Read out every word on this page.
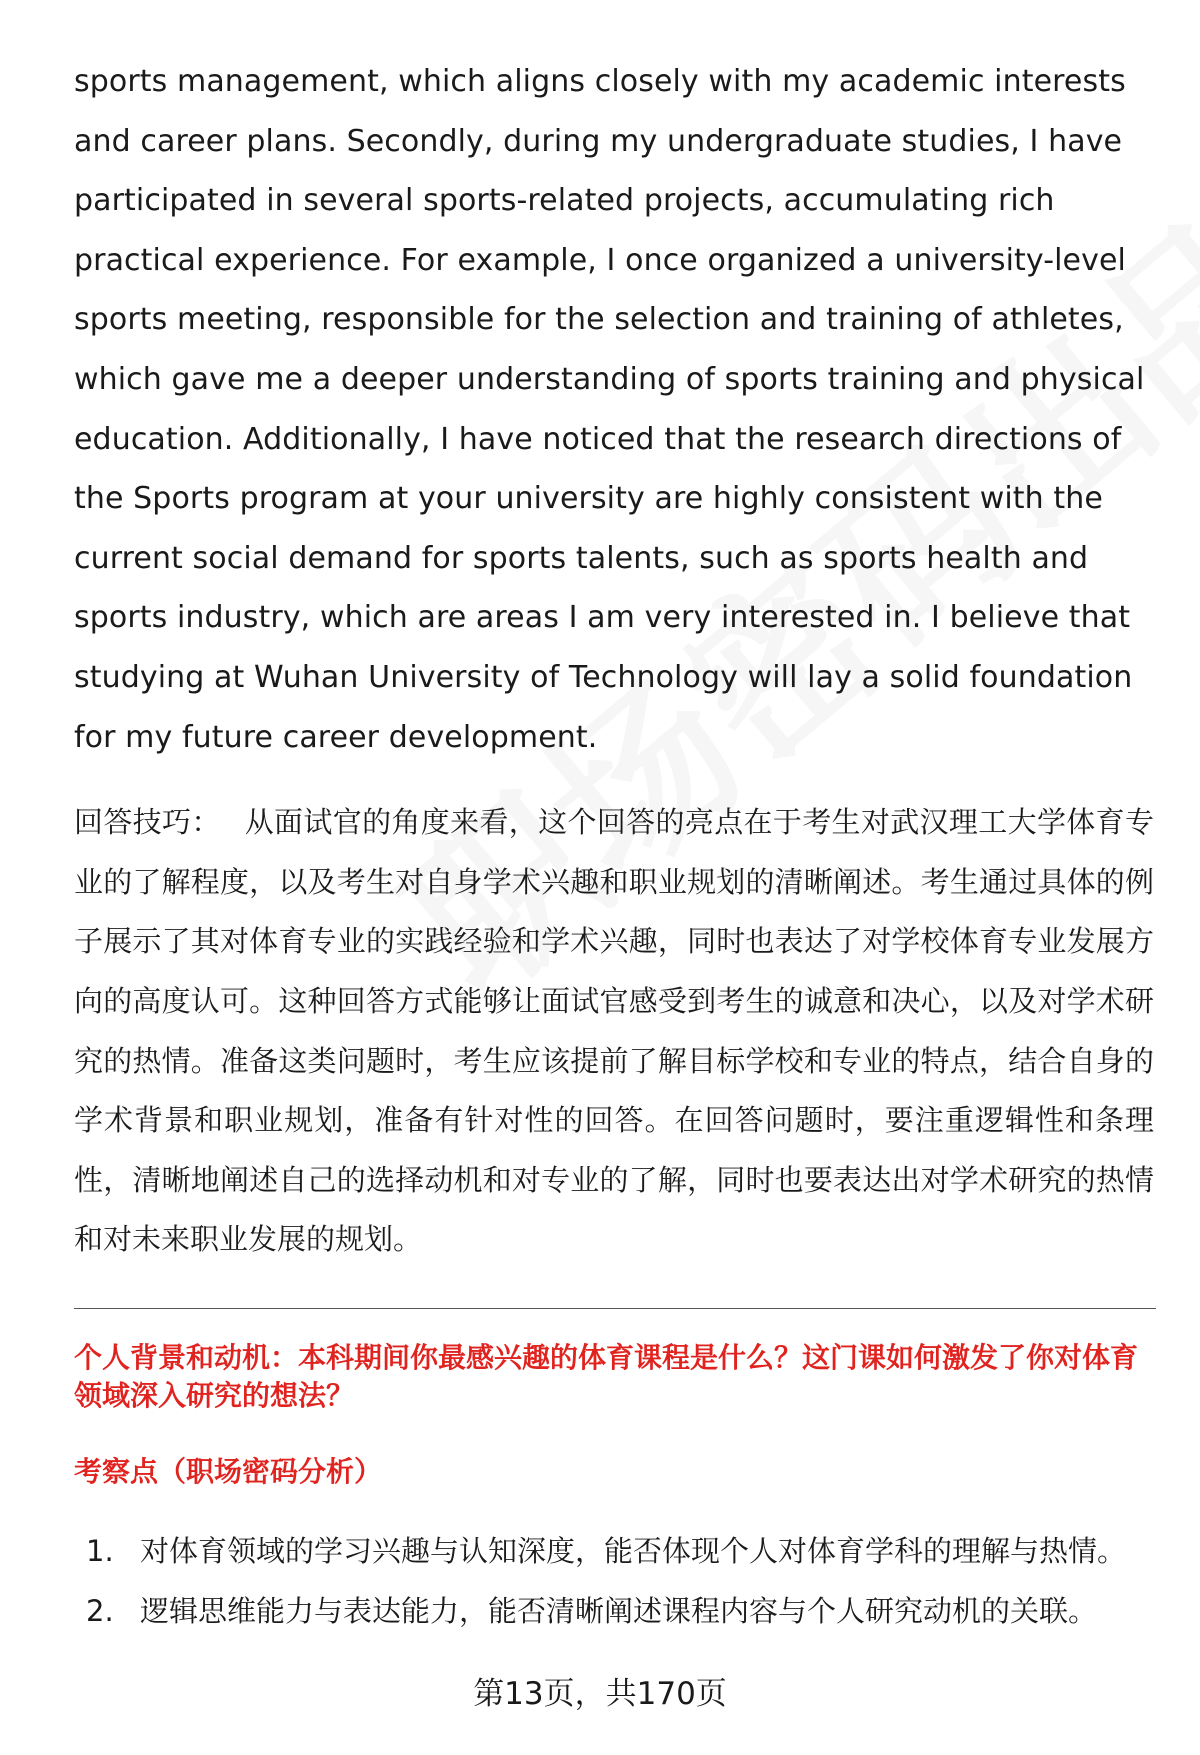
sports management, which aligns closely with my academic interests and career plans. Secondly, during my undergraduate studies, I have participated in several sports-related projects, accumulating rich practical experience. For example, I once organized a university-level sports meeting, responsible for the selection and training of athletes, which gave me a deeper understanding of sports training and physical education. Additionally, I have noticed that the research directions of the Sports program at your university are highly consistent with the current social demand for sports talents, such as sports health and sports industry, which are areas I am very interested in. I believe that studying at Wuhan University of Technology will lay a solid foundation for my future career development.

回答技巧： 从面试官的角度来看，这个回答的亮点在于考生对武汉理工大学体育专业的了解程度，以及考生对自身学术兴趣和职业规划的清晰阐述。考生通过具体的例子展示了其对体育专业的实践经验和学术兴趣，同时也表达了对学校体育专业发展方向的高度认可。这种回答方式能够让面试官感受到考生的诚意和决心，以及对学术研究的热情。准备这类问题时，考生应该提前了解目标学校和专业的特点，结合自身的学术背景和职业规划，准备有针对性的回答。在回答问题时，要注重逻辑性和条理性，清晰地阐述自己的选择动机和对专业的了解，同时也要表达出对学术研究的热情和对未来职业发展的规划。
个人背景和动机：本科期间你最感兴趣的体育课程是什么？这门课如何激发了你对体育领域深入研究的想法？
考察点（职场密码分析）
1. 对体育领域的学习兴趣与认知深度，能否体现个人对体育学科的理解与热情。
2. 逻辑思维能力与表达能力，能否清晰阐述课程内容与个人研究动机的关联。
第13页，共170页
